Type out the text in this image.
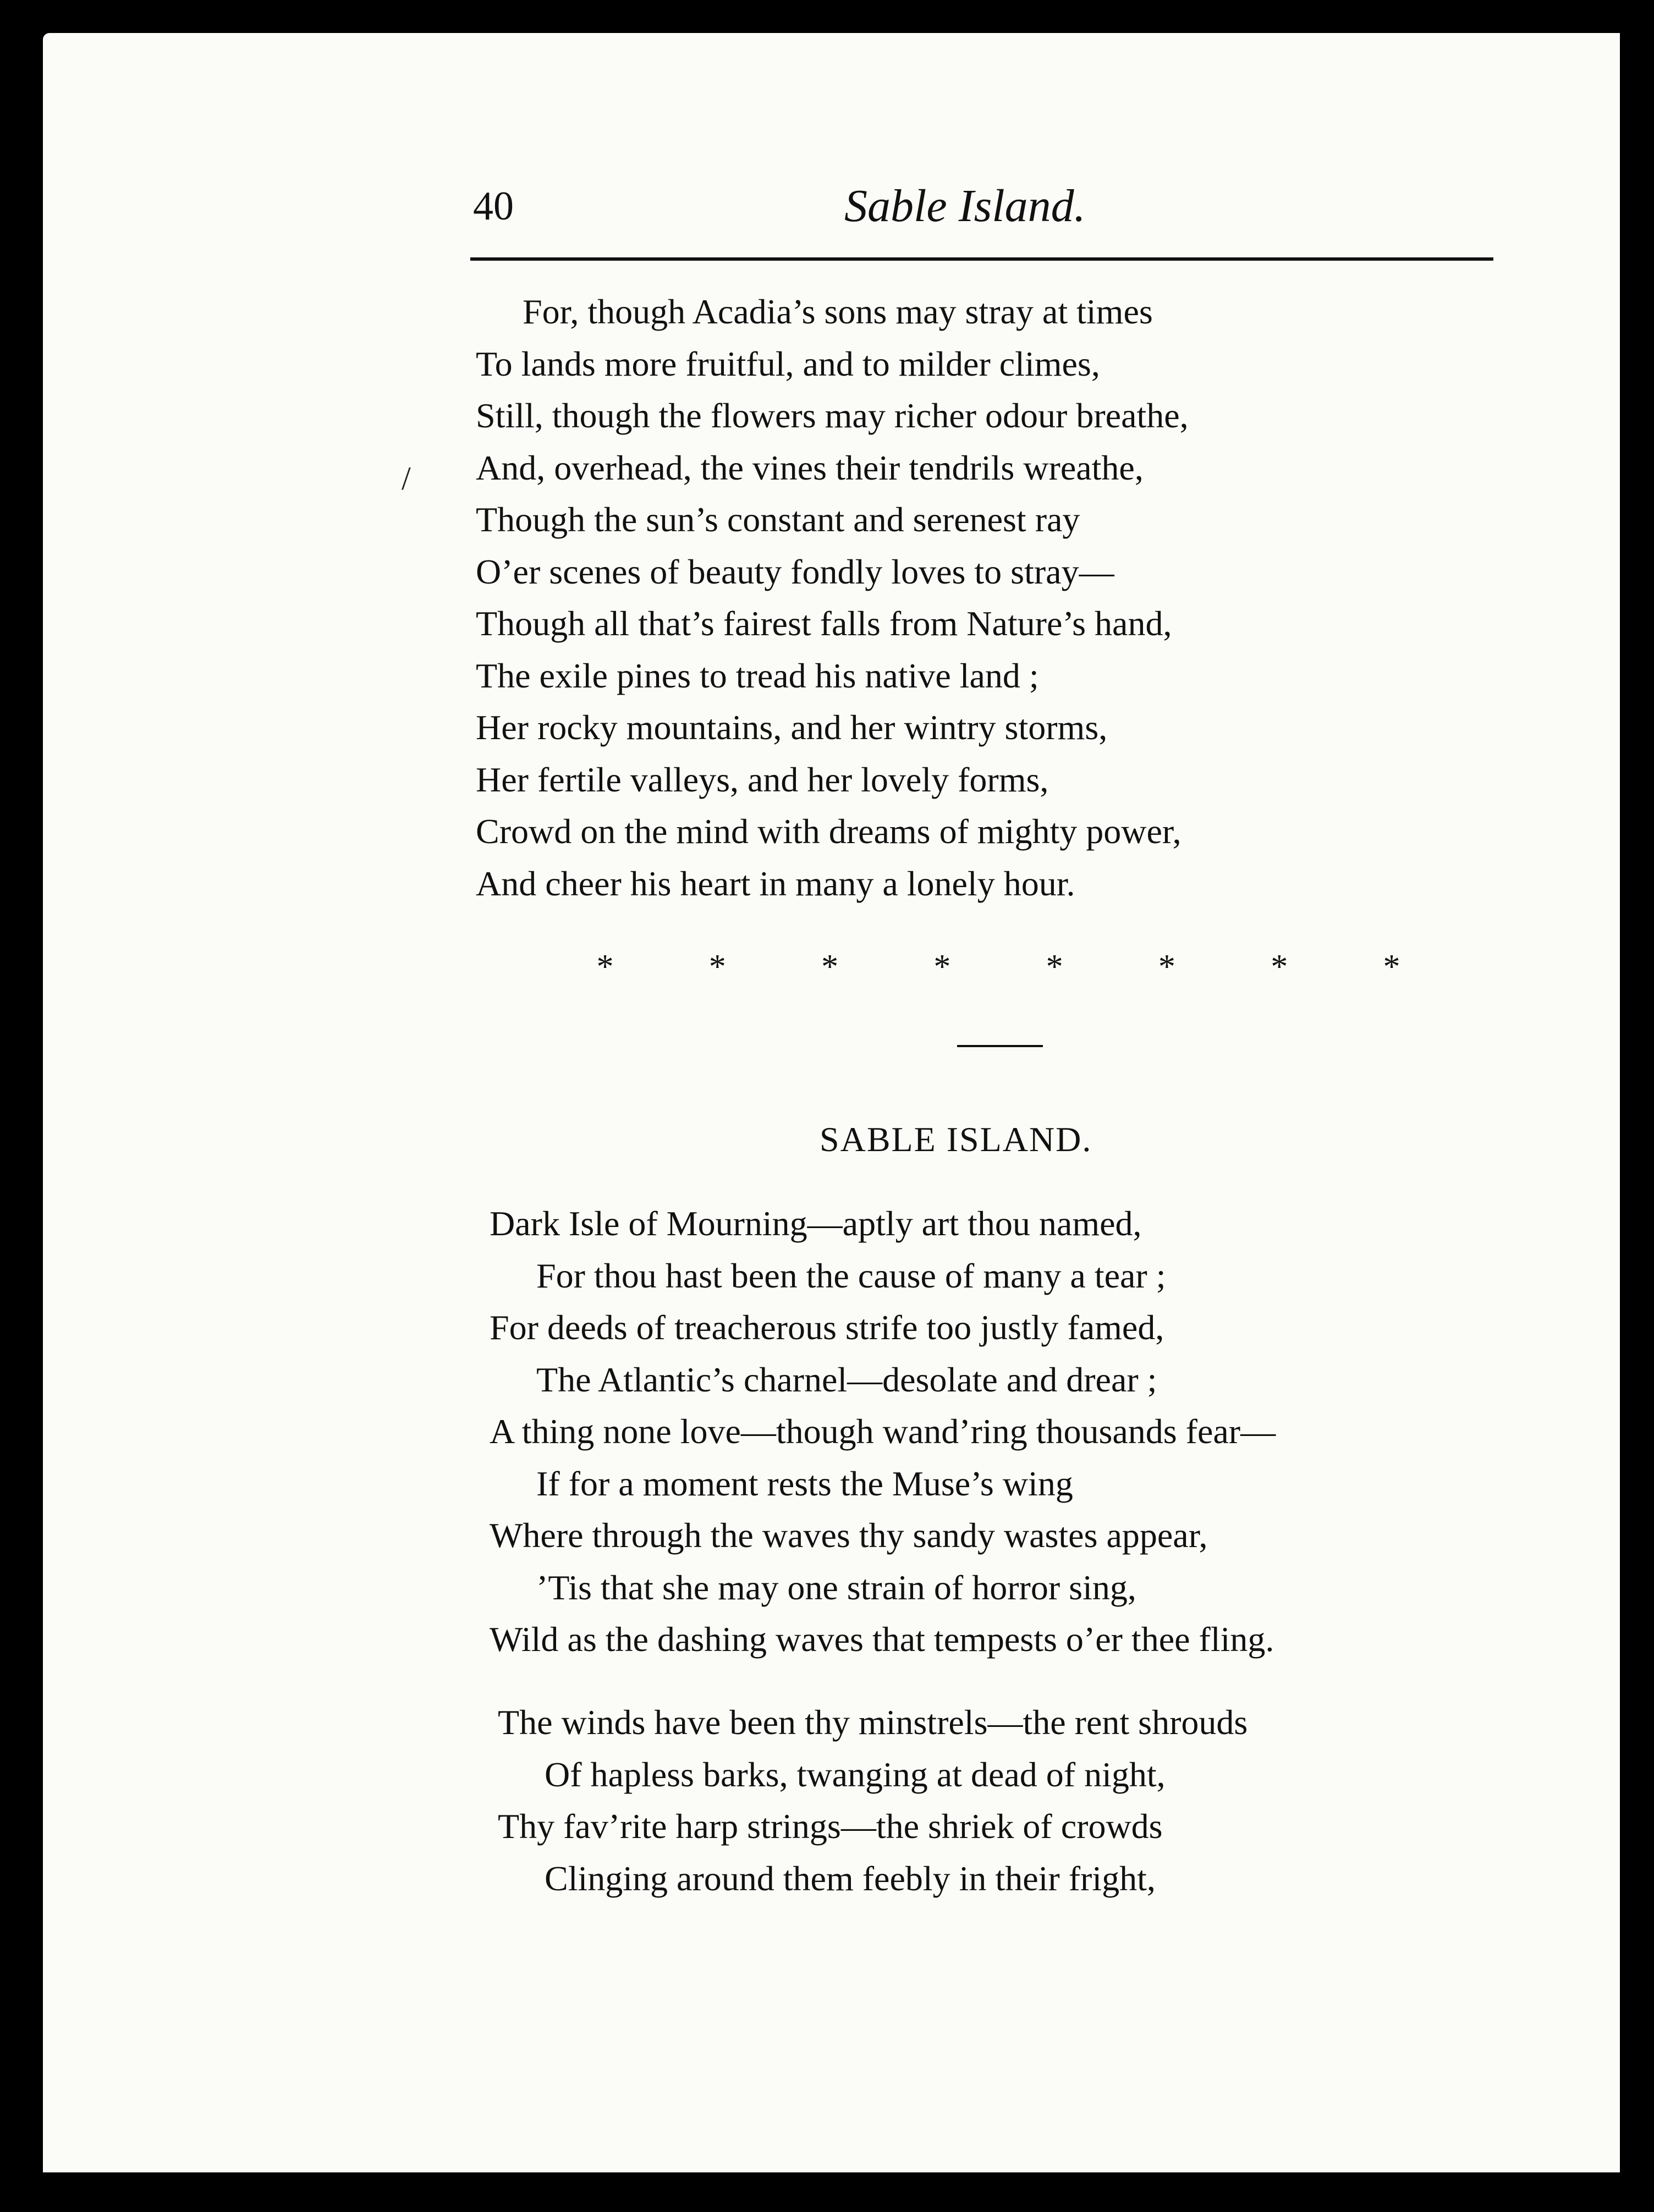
40	Sable Island.
/
For, though Acadia’s sons may stray at times
To lands more fruitful, and to milder climes,
Still, though the flowers may richer odour breathe,
And, overhead, the vines their tendrils wreathe,
Though the sun’s constant and serenest ray
O’er scenes of beauty fondly loves to stray—
Though all that’s fairest falls from Nature’s hand,
The exile pines to tread his native land ;
Her rocky mountains, and her wintry storms,
Her fertile valleys, and her lovely forms,
Crowd on the mind with dreams of mighty power,
And cheer his heart in many a lonely hour.
*	*	*	*	*	*	*	*
SABLE ISLAND.
Dark Isle of Mourning—aptly art thou named,
For thou hast been the cause of many a tear ;
For deeds of treacherous strife too justly famed,
The Atlantic’s charnel—desolate and drear ;
A thing none love—though wand’ring thousands fear—
If for a moment rests the Muse’s wing
Where through the waves thy sandy wastes appear,
’Tis that she may one strain of horror sing,
Wild as the dashing waves that tempests o’er thee fling.
The winds have been thy minstrels—the rent shrouds
Of hapless barks, twanging at dead of night,
Thy fav’rite harp strings—the shriek of crowds
Clinging around them feebly in their fright,
